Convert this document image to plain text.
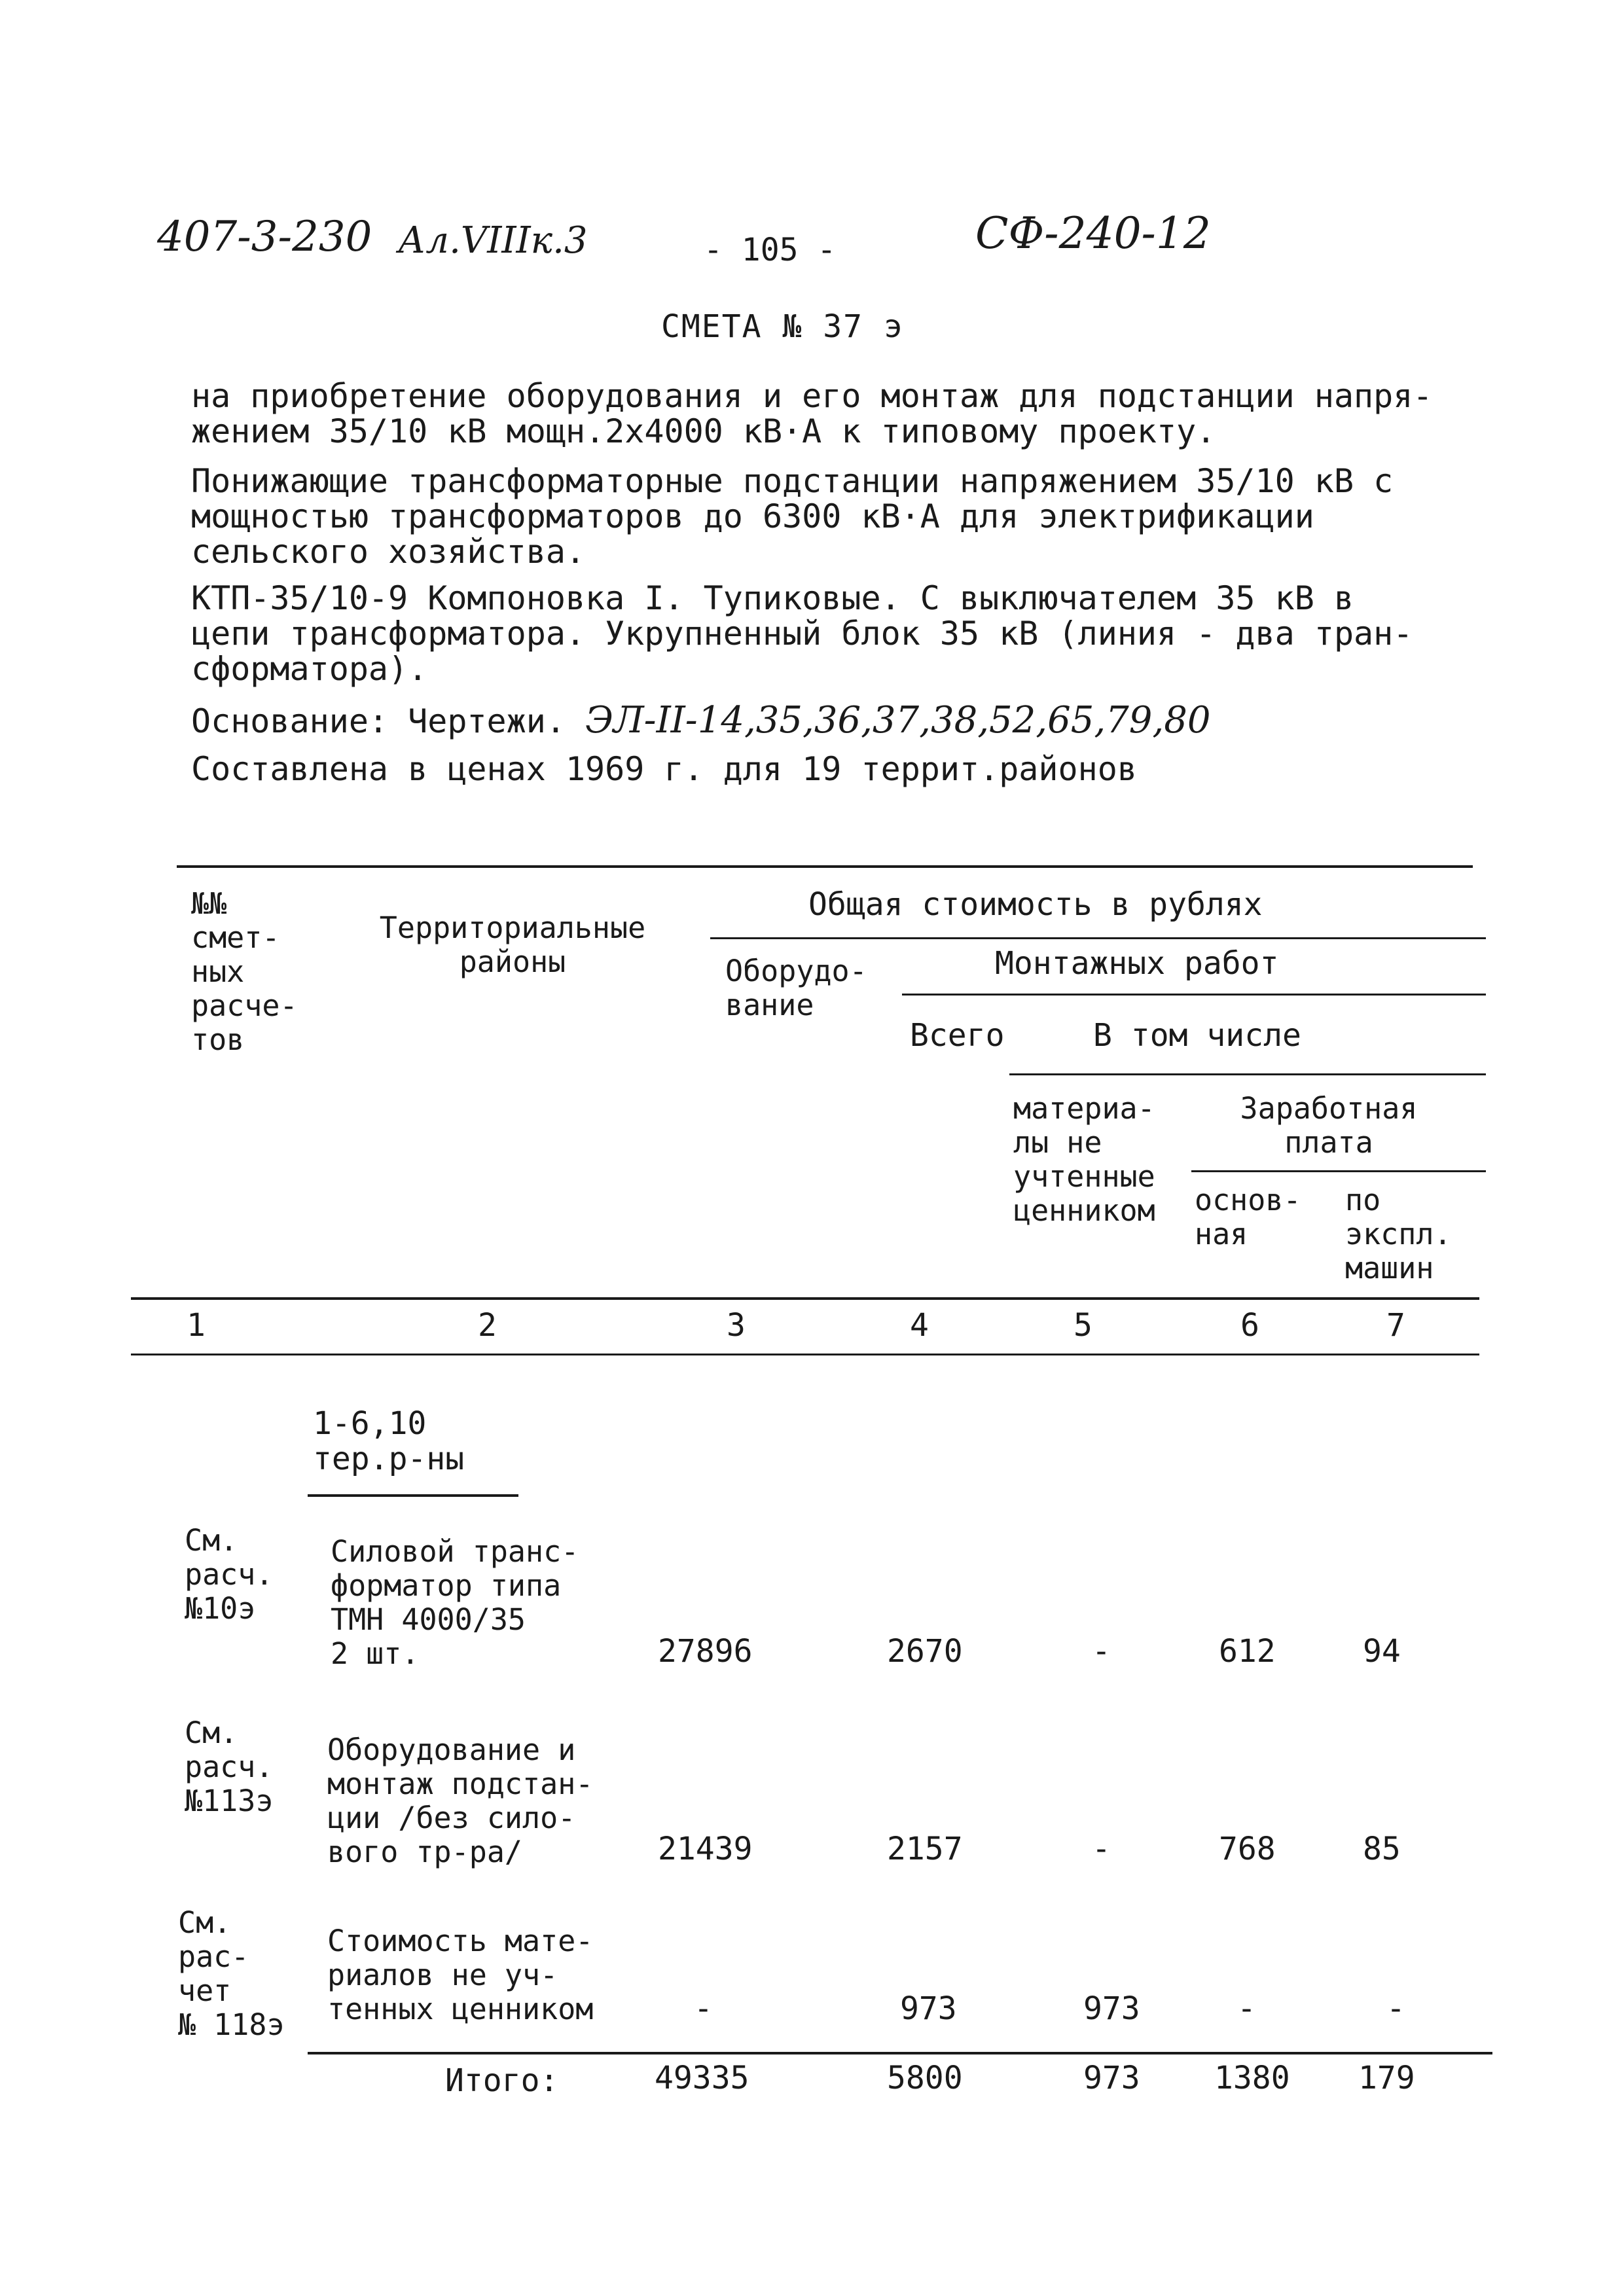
407-3-230 Ал.VIIIк.3	- 105 -	СФ-240-12
СМЕТА № 37 э
на приобретение оборудования и его монтаж для подстанции напря-
жением 35/10 кВ мощн.2х4000 кВ·А к типовому проекту.
Понижающие трансформаторные подстанции напряжением 35/10 кВ с
мощностью трансформаторов до 6300 кВ·А для электрификации
сельского хозяйства.
КТП-35/10-9 Компоновка I. Тупиковые. С выключателем 35 кВ в
цепи трансформатора. Укрупненный блок 35 кВ (линия - два тран-
сформатора).
Основание: Чертежи. ЭЛ-II-14,35,36,37,38,52,65,79,80
Составлена в ценах 1969 г. для 19 террит.районов
№№
смет-
ных
расче-
тов
Территориальные
районы
Общая стоимость в рублях
Оборудо-
вание
Монтажных работ
Всего	В том числе
материа-
лы не
учтенные
ценником
Заработная
плата
основ-
ная
по
экспл.
машин
1	2	3	4	5	6	7
1-6,10
тер.р-ны
См.
расч.
№10э
Силовой транс-
форматор типа
ТМН 4000/35
2 шт.	27896	2670	-	612	94
См.
расч.
№113э
Оборудование и
монтаж подстан-
ции /без сило-
вого тр-ра/	21439	2157	-	768	85
См.
рас-
чет
№ 118э
Стоимость мате-
риалов не уч-
тенных ценником	-	973	973	-	-
Итого:	49335	5800	973 1380 179
